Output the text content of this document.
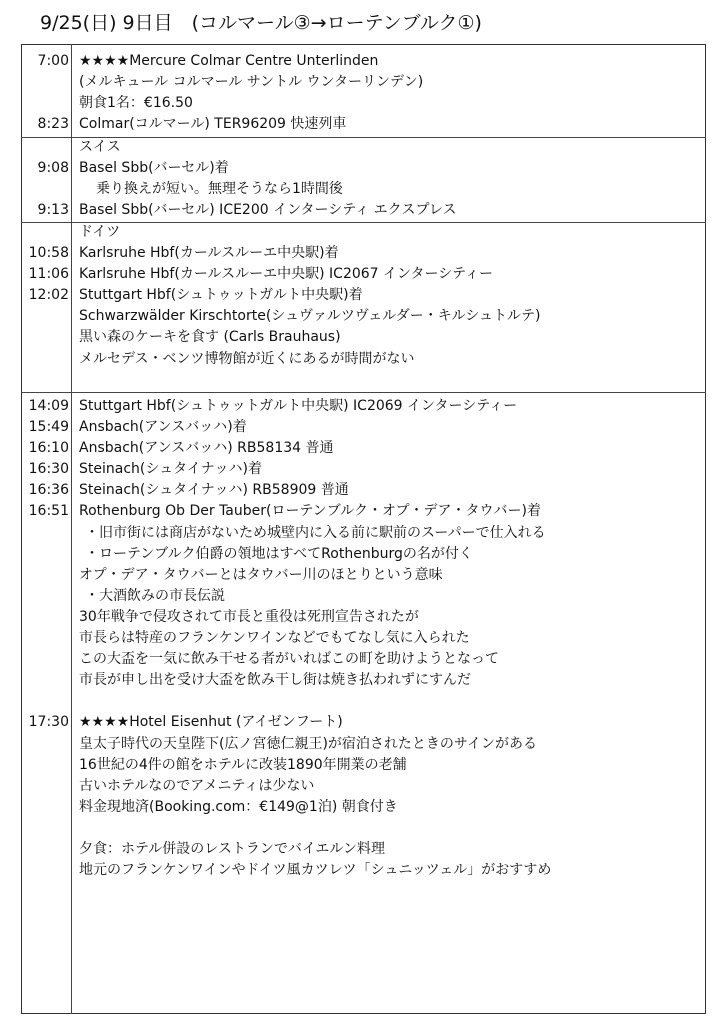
9/25(日) 9日目　(コルマール③→ローテンブルク①)
7:00 ★★★★Mercure Colmar Centre Unterlinden
(メルキュール コルマール サントル ウンターリンデン)
朝食1名：€16.50
8:23 Colmar(コルマール) TER96209 快速列車
スイス
9:08 Basel Sbb(バーセル)着
乗り換えが短い。無理そうなら1時間後
9:13 Basel Sbb(バーセル) ICE200 インターシティ エクスプレス
ドイツ
10:58 Karlsruhe Hbf(カールスルーエ中央駅)着
11:06 Karlsruhe Hbf(カールスルーエ中央駅) IC2067 インターシティー
12:02 Stuttgart Hbf(シュトゥットガルト中央駅)着
Schwarzwälder Kirschtorte(シュヴァルツヴェルダー・キルシュトルテ)
黒い森のケーキを食す (Carls Brauhaus)
メルセデス・ベンツ博物館が近くにあるが時間がない
14:09 Stuttgart Hbf(シュトゥットガルト中央駅) IC2069 インターシティー
15:49 Ansbach(アンスバッハ)着
16:10 Ansbach(アンスバッハ) RB58134 普通
16:30 Steinach(シュタイナッハ)着
16:36 Steinach(シュタイナッハ) RB58909 普通
16:51 Rothenburg Ob Der Tauber(ローテンブルク・オプ・デア・タウバー)着
・旧市街には商店がないため城壁内に入る前に駅前のスーパーで仕入れる
・ローテンブルク伯爵の領地はすべてRothenburgの名が付く
オプ・デア・タウバーとはタウバー川のほとりという意味
・大酒飲みの市長伝説
30年戦争で侵攻されて市長と重役は死刑宣告されたが
市長らは特産のフランケンワインなどでもてなし気に入られた
この大盃を一気に飲み干せる者がいればこの町を助けようとなって
市長が申し出を受け大盃を飲み干し街は焼き払われずにすんだ
17:30 ★★★★Hotel Eisenhut (アイゼンフート)
皇太子時代の天皇陛下(広ノ宮徳仁親王)が宿泊されたときのサインがある
16世紀の4件の館をホテルに改装1890年開業の老舗
古いホテルなのでアメニティは少ない
料金現地済(Booking.com：€149@1泊) 朝食付き
夕食：ホテル併設のレストランでバイエルン料理
地元のフランケンワインやドイツ風カツレツ「シュニッツェル」がおすすめ
